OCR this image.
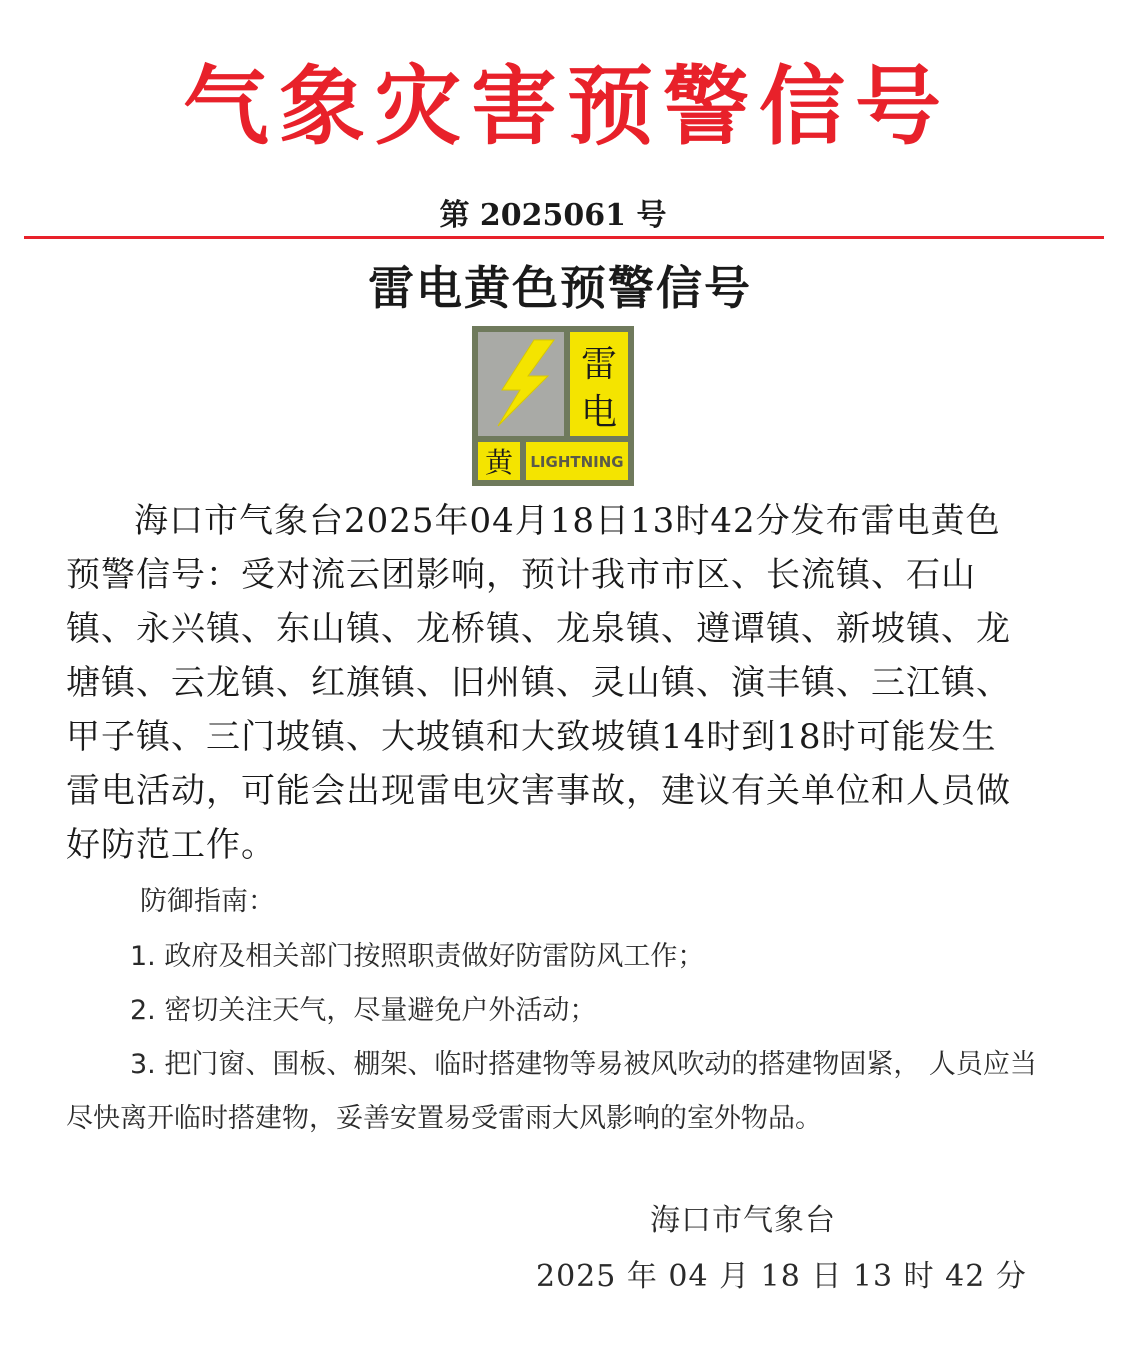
气象灾害预警信号
第 2025061 号
雷电黄色预警信号
雷
电
黄 LIGHTNING

海口市气象台2025年04月18日13时42分发布雷电黄色预警信号：受对流云团影响，预计我市市区、长流镇、石山镇、永兴镇、东山镇、龙桥镇、龙泉镇、遵谭镇、新坡镇、龙塘镇、云龙镇、红旗镇、旧州镇、灵山镇、演丰镇、三江镇、甲子镇、三门坡镇、大坡镇和大致坡镇14时到18时可能发生雷电活动，可能会出现雷电灾害事故，建议有关单位和人员做好防范工作。

防御指南：
1. 政府及相关部门按照职责做好防雷防风工作；
2. 密切关注天气，尽量避免户外活动；
3. 把门窗、围板、棚架、临时搭建物等易被风吹动的搭建物固紧， 人员应当尽快离开临时搭建物，妥善安置易受雷雨大风影响的室外物品。
海口市气象台
2025 年 04 月 18 日 13 时 42 分
